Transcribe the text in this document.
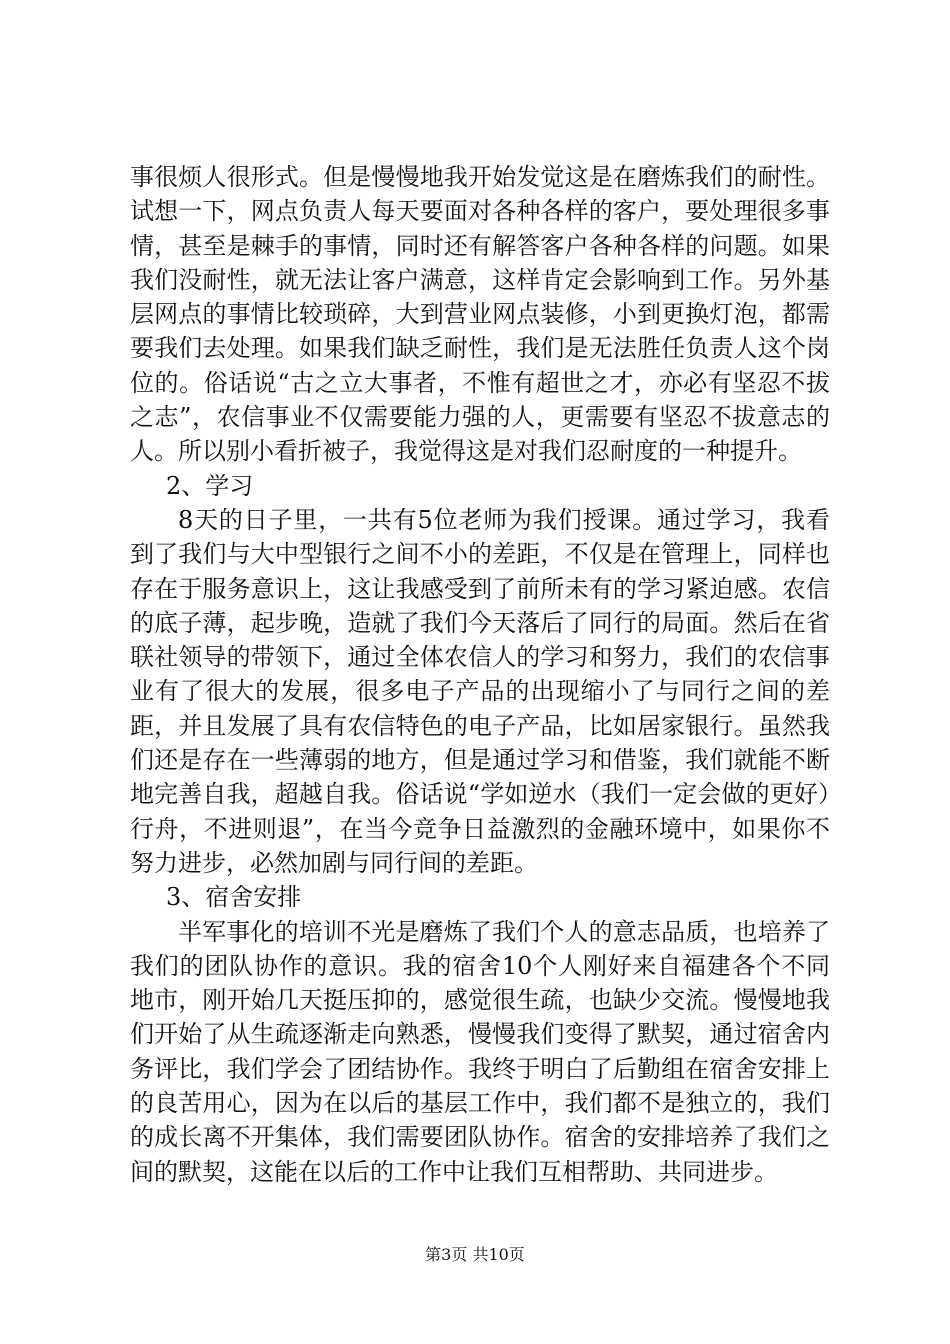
事很烦人很形式。但是慢慢地我开始发觉这是在磨炼我们的耐性。试想一下，网点负责人每天要面对各种各样的客户，要处理很多事情，甚至是棘手的事情，同时还有解答客户各种各样的问题。如果我们没耐性，就无法让客户满意，这样肯定会影响到工作。另外基层网点的事情比较琐碎，大到营业网点装修，小到更换灯泡，都需要我们去处理。如果我们缺乏耐性，我们是无法胜任负责人这个岗位的。俗话说“古之立大事者，不惟有超世之才，亦必有坚忍不拔之志”，农信事业不仅需要能力强的人，更需要有坚忍不拔意志的人。所以别小看折被子，我觉得这是对我们忍耐度的一种提升。

2、学习

8天的日子里，一共有5位老师为我们授课。通过学习，我看到了我们与大中型银行之间不小的差距，不仅是在管理上，同样也存在于服务意识上，这让我感受到了前所未有的学习紧迫感。农信的底子薄，起步晚，造就了我们今天落后了同行的局面。然后在省联社领导的带领下，通过全体农信人的学习和努力，我们的农信事业有了很大的发展，很多电子产品的出现缩小了与同行之间的差距，并且发展了具有农信特色的电子产品，比如居家银行。虽然我们还是存在一些薄弱的地方，但是通过学习和借鉴，我们就能不断地完善自我，超越自我。俗话说“学如逆水（我们一定会做的更好）行舟，不进则退”，在当今竞争日益激烈的金融环境中，如果你不努力进步，必然加剧与同行间的差距。

3、宿舍安排

半军事化的培训不光是磨炼了我们个人的意志品质，也培养了我们的团队协作的意识。我的宿舍10个人刚好来自福建各个不同地市，刚开始几天挺压抑的，感觉很生疏，也缺少交流。慢慢地我们开始了从生疏逐渐走向熟悉，慢慢我们变得了默契，通过宿舍内务评比，我们学会了团结协作。我终于明白了后勤组在宿舍安排上的良苦用心，因为在以后的基层工作中，我们都不是独立的，我们的成长离不开集体，我们需要团队协作。宿舍的安排培养了我们之间的默契，这能在以后的工作中让我们互相帮助、共同进步。

第3页 共10页
